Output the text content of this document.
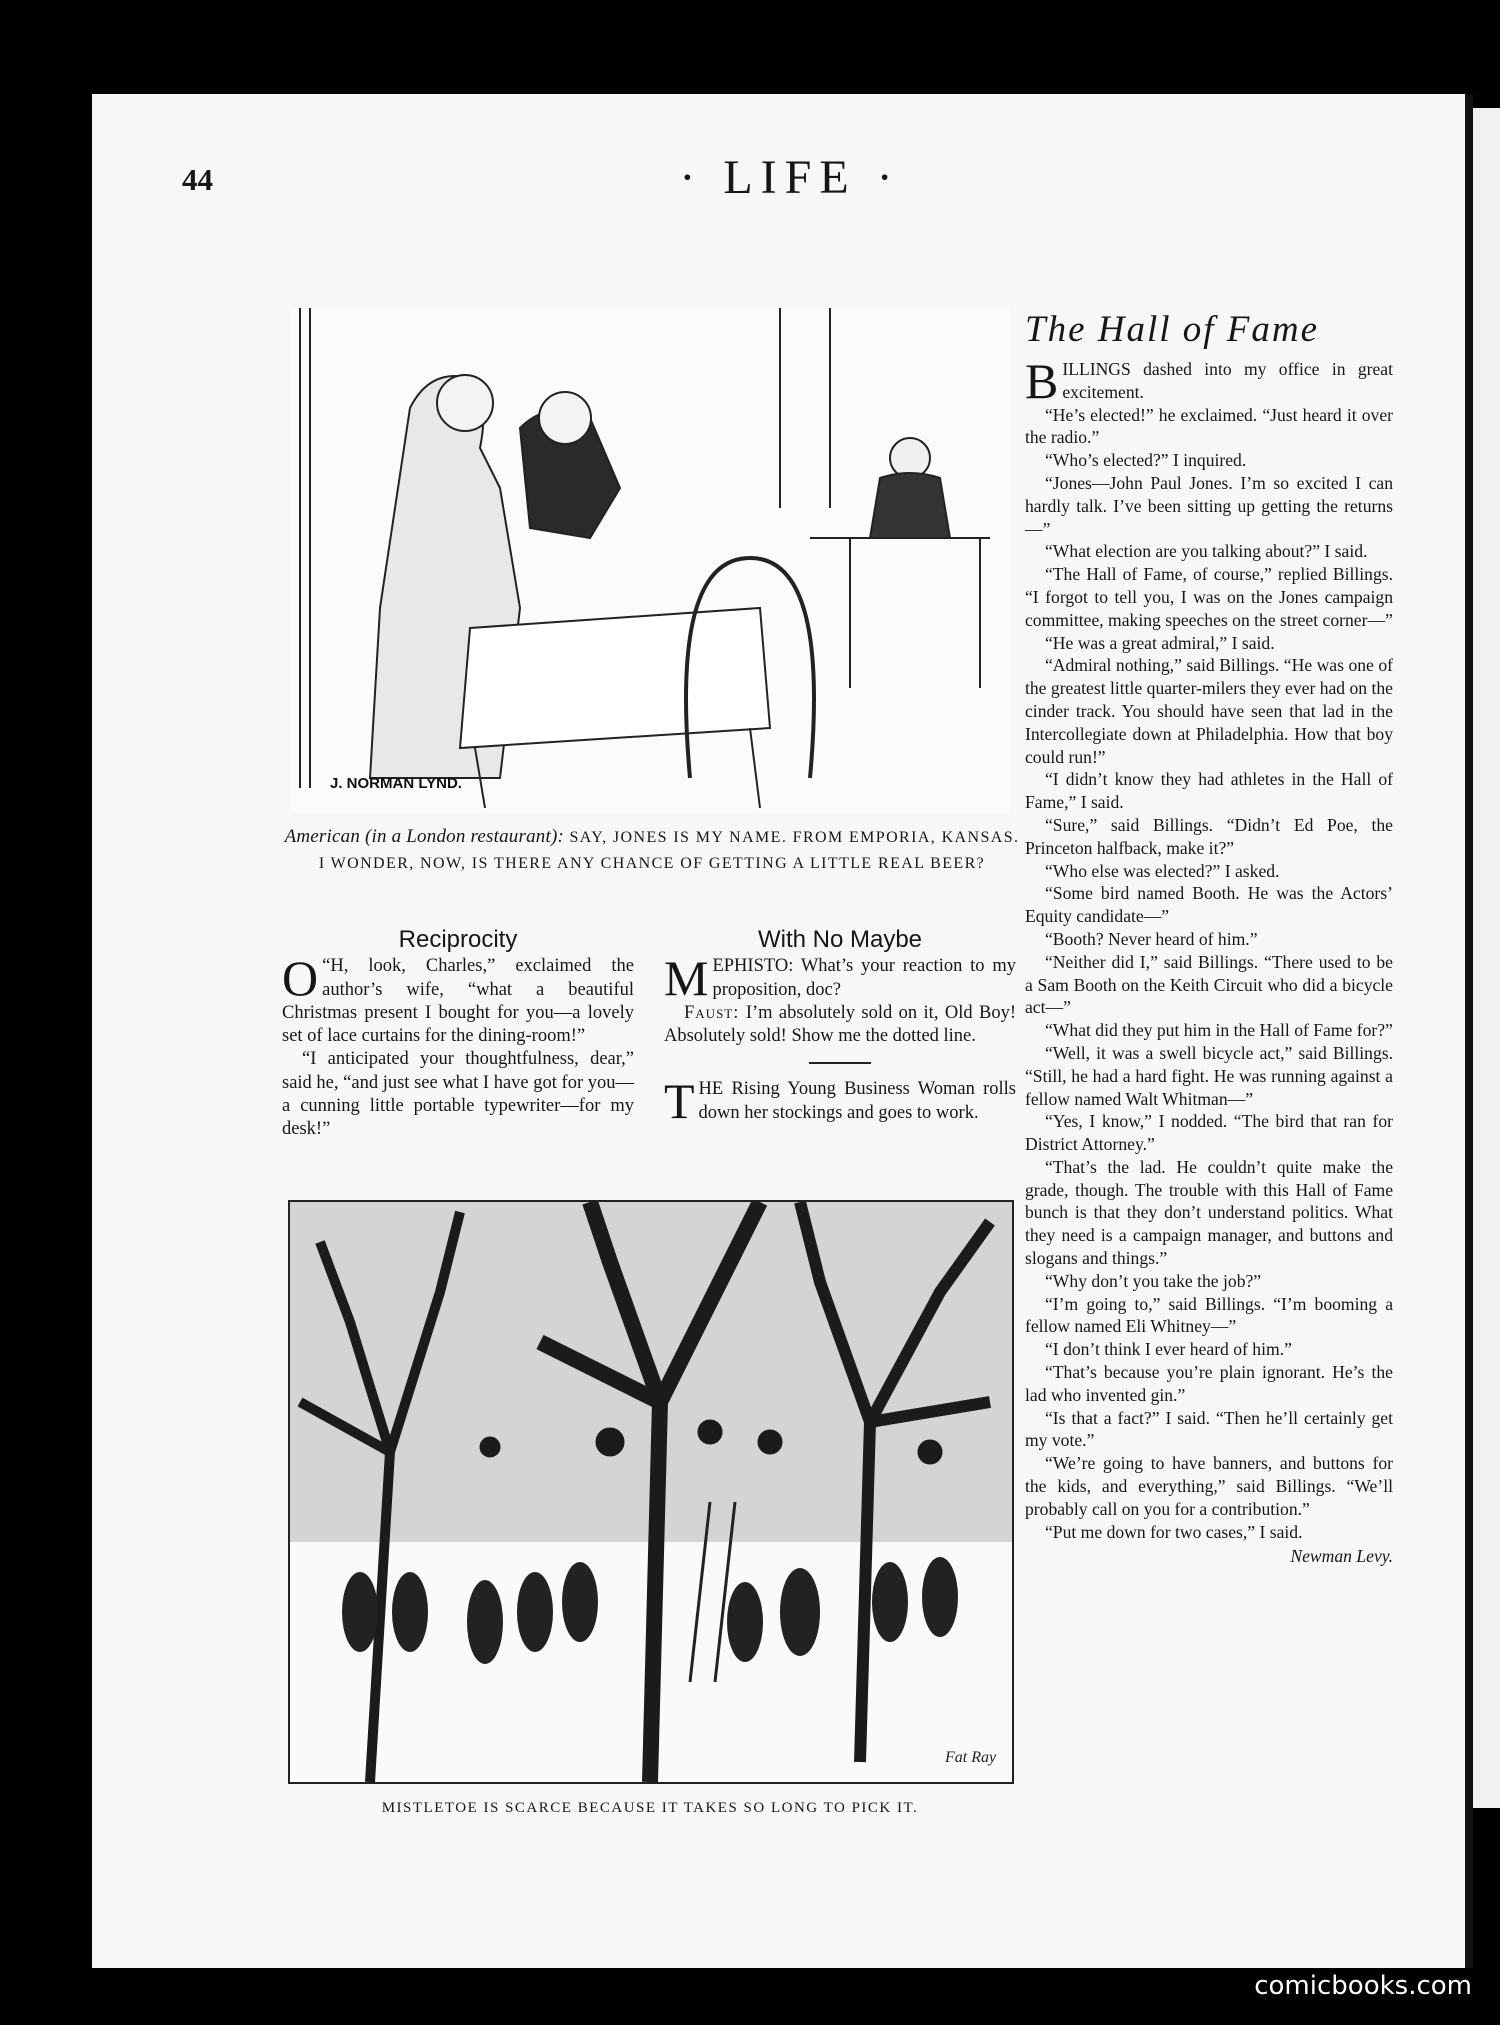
44	· LIFE ·
J. NORMAN LYND.
American (in a London restaurant): SAY, JONES IS MY NAME. FROM EMPORIA, KANSAS. I WONDER, NOW, IS THERE ANY CHANCE OF GETTING A LITTLE REAL BEER?
Reciprocity

“
O H, look, Charles,” exclaimed the author’s wife, “what a beautiful Christmas present I bought for you—a lovely set of lace curtains for the dining-room!”

“I anticipated your thoughtfulness, dear,” said he, “and just see what I have got for you—a cunning little portable typewriter—for my desk!”

With No Maybe

MEPHISTO: What’s your reaction to my proposition, doc?

Faust: I’m absolutely sold on it, Old Boy! Absolutely sold! Show me the dotted line.

THE Rising Young Business Woman rolls down her stockings and goes to work.

Fat Ray
MISTLETOE IS SCARCE BECAUSE IT TAKES SO LONG TO PICK IT.
The Hall of Fame

BILLINGS dashed into my office in great excitement.

“He’s elected!” he exclaimed. “Just heard it over the radio.”

“Who’s elected?” I inquired.

“Jones—John Paul Jones. I’m so excited I can hardly talk. I’ve been sitting up getting the returns—”

“What election are you talking about?” I said.

“The Hall of Fame, of course,” replied Billings. “I forgot to tell you, I was on the Jones campaign committee, making speeches on the street corner—”

“He was a great admiral,” I said.

“Admiral nothing,” said Billings. “He was one of the greatest little quarter-milers they ever had on the cinder track. You should have seen that lad in the Intercollegiate down at Philadelphia. How that boy could run!”

“I didn’t know they had athletes in the Hall of Fame,” I said.

“Sure,” said Billings. “Didn’t Ed Poe, the Princeton halfback, make it?”

“Who else was elected?” I asked.

“Some bird named Booth. He was the Actors’ Equity candidate—”

“Booth? Never heard of him.”

“Neither did I,” said Billings. “There used to be a Sam Booth on the Keith Circuit who did a bicycle act—”

“What did they put him in the Hall of Fame for?”

“Well, it was a swell bicycle act,” said Billings. “Still, he had a hard fight. He was running against a fellow named Walt Whitman—”

“Yes, I know,” I nodded. “The bird that ran for District Attorney.”

“That’s the lad. He couldn’t quite make the grade, though. The trouble with this Hall of Fame bunch is that they don’t understand politics. What they need is a campaign manager, and buttons and slogans and things.”

“Why don’t you take the job?”

“I’m going to,” said Billings. “I’m booming a fellow named Eli Whitney—”

“I don’t think I ever heard of him.”

“That’s because you’re plain ignorant. He’s the lad who invented gin.”

“Is that a fact?” I said. “Then he’ll certainly get my vote.”

“We’re going to have banners, and buttons for the kids, and everything,” said Billings. “We’ll probably call on you for a contribution.”

“Put me down for two cases,” I said.

Newman Levy.
comicbooks.com
